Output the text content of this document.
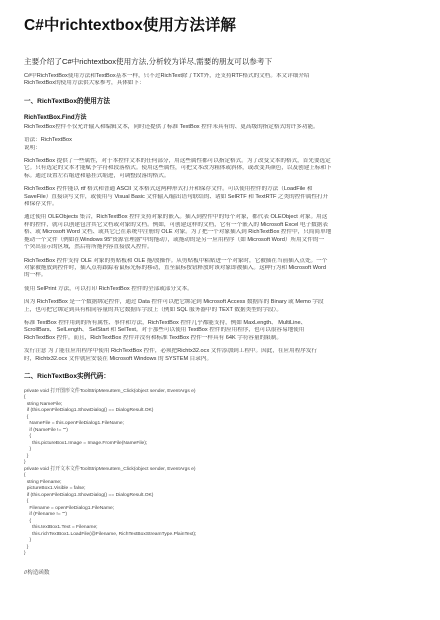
C#中richtextbox使用方法详解
主要介绍了C#中richtextbox使用方法,分析较为详尽,需要的朋友可以参考下
C#中RichTextBox使用方法和TextBox基本一样，只不过RichText除了TXT外，还支持RTF格式的文档。本文详细介绍
RichTextBox的使用方法供大家参考，具体如下：
一、RichTextBox的使用方法
RichTextBox.Find方法
RichTextBox控件不仅允许输入和编辑文本，同时还提供了标准 TextBox 控件未具有的、更高级的指定格式的许多功能。
语法：RichTextBox
说明：
RichTextBox 提供了一些属性，对于本控件文本的任何部分，用这些属性都可以指定格式。为了改变文本的格式，首先要选定
它。只有选定的文本才能赋予字符和段落格式。使用这些属性，可把文本改为粗体或斜体，或改变其颜色，以及创建上标和下
标。通过设置左右缩进和悬挂式缩进，可调整段落的格式。
RichTextBox 控件能以 rtf 格式和普通 ASCII 文本格式这两种形式打开和保存文件。可以使用控件的方法（LoadFile 和
SaveFile）直接读写文件，或使用与 Visual Basic 文件输入/输出语句联结的、诸如 SelRTF 和 TextRTF 之类的控件属性打开
和保存文件。
通过使用 OLEObjects 集合，RichTextBox 控件支持对象的嵌入。插入到控件中的每个对象，都代表 OLEObject 对象。用这
样的控件，就可以创建包含其它文档或对象的文档。例如，可创建这样的文档，它有一个嵌入的 Microsoft Excel 电子数据表
格、或 Microsoft Word 文档、或其它已在系统中注册的 OLE 对象。为了把一个对象插入到 RichTextBox 控件中，只简简单地
拖动一个文件（例如在Windows 95"资源管理器"中的拖动），或拖动的是另一应用程序（如 Microsoft Word）所用文件的一
个突出显示的区域，然后将所拖内容直接放入控件。
RichTextBox 控件支持 OLE 对象的剪贴板和 OLE 拖/放操作。从剪贴板中粘贴进一个对象时，它被插在当前插入点处。一个
对象被拖放到控件时，插入点将跟踪着鼠标光标的移动，直至鼠标按钮释放时该对象即被插入。这种行为和 Microsoft Word
的一样。
使用 SelPrint 方法，可以打印 RichTextBox 控件的全部或部分文本。
因为 RichTextBox 是一个数据绑定控件，通过 Data 控件可以把它绑定到 Microsoft Access 数据库的 Binary 或 Memo 字段
上，也可把它绑定到具有相同容量的其它数据库字段上（例如 SQL 服务器中的 TEXT 数据类型的字段）。
标准 TextBox 控件用到的所有属性、事件和方法，RichTextBox 控件几乎都能支持，例如 MaxLength、 MultiLine、
ScrollBars、 SelLength、 SelStart 和 SelText。对于那些可以使用 TextBox 控件的应用程序，也可以很容易地使用
RichTextBox 控件。而且，RichTextBox 控件并没有和标准 TextBox 控件一样具有 64K 字符容量的限制。
发行注意 为了能在应用程序中使用 RichTextBox 控件，必须把Richtx32.ocx 文件添加到工程中。因此，在应用程序发行
时，Richtx32.ocx 文件就应安装在 Microsoft Windows 的 SYSTEM 目录内。
二、RichTextBox实例代码：
private void 打开图形文件ToolStripMenuItem_Click(object sender, EventArgs e)
{
string NameFile;
if (this.openFileDialog1.ShowDialog() == DialogResult.OK)
{
NameFile = this.openFileDialog1.FileName;
if (NameFile != "")
{
this.pictureBox1.Image = Image.FromFile(NameFile);
}
}
}
private void 打开文本文件ToolStripMenuItem_Click(object sender, EventArgs e)
{
string Filename;
pictureBox1.Visible = false;
if (this.openFileDialog1.ShowDialog() == DialogResult.OK)
{
Filename = openFileDialog1.FileName;
if (Filename != "")
{
this.textBox1.Text = Filename;
this.richTextBox1.LoadFile(@Filename, RichTextBoxStreamType.PlainText);
}
}
}
//构造函数
